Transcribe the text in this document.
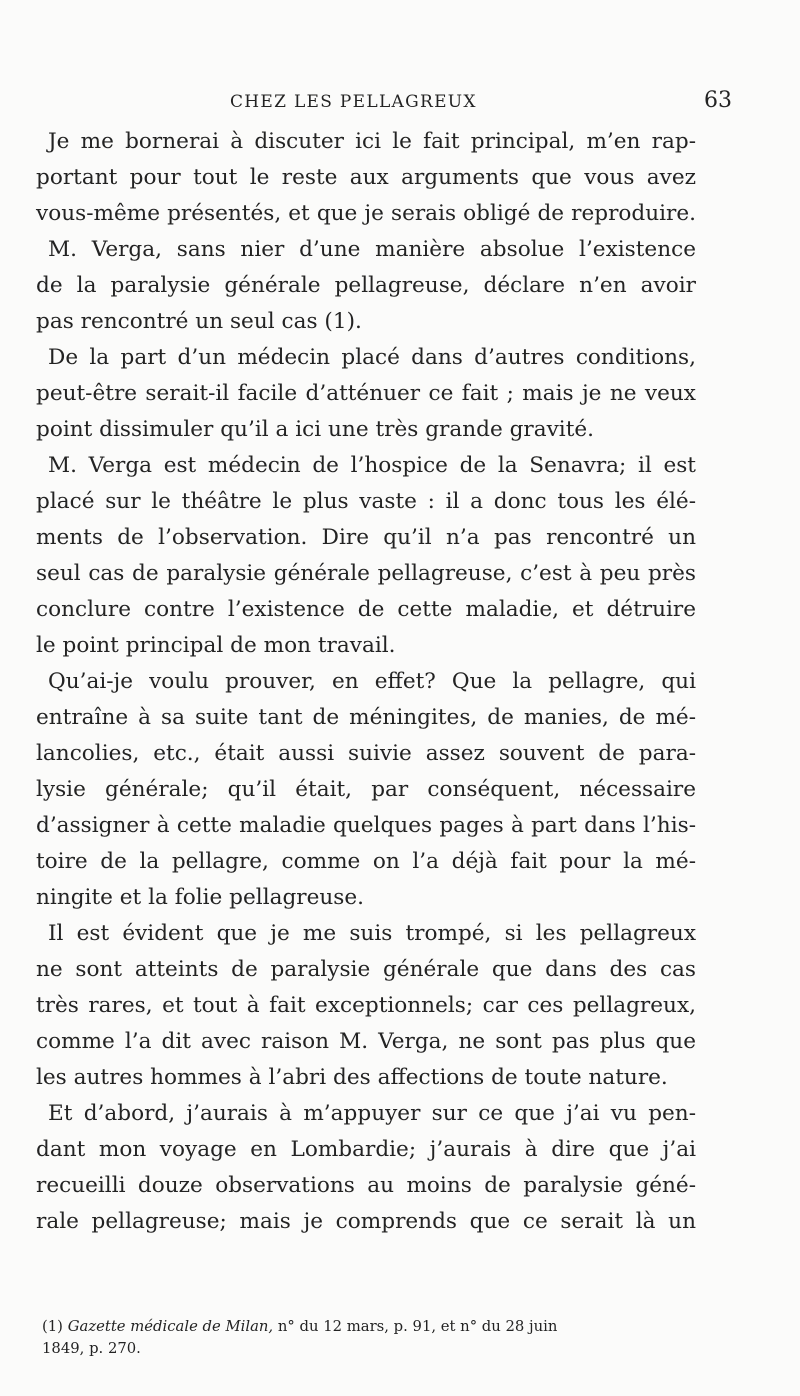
CHEZ LES PELLAGREUX	63
Je me bornerai à discuter ici le fait principal, m’en rap-
portant pour tout le reste aux arguments que vous avez
vous-même présentés, et que je serais obligé de reproduire.
M. Verga, sans nier d’une manière absolue l’existence
de la paralysie générale pellagreuse, déclare n’en avoir
pas rencontré un seul cas (1).
De la part d’un médecin placé dans d’autres conditions,
peut-être serait-il facile d’atténuer ce fait ; mais je ne veux
point dissimuler qu’il a ici une très grande gravité.
M. Verga est médecin de l’hospice de la Senavra; il est
placé sur le théâtre le plus vaste : il a donc tous les élé-
ments de l’observation. Dire qu’il n’a pas rencontré un
seul cas de paralysie générale pellagreuse, c’est à peu près
conclure contre l’existence de cette maladie, et détruire
le point principal de mon travail.
Qu’ai-je voulu prouver, en effet? Que la pellagre, qui
entraîne à sa suite tant de méningites, de manies, de mé-
lancolies, etc., était aussi suivie assez souvent de para-
lysie générale; qu’il était, par conséquent, nécessaire
d’assigner à cette maladie quelques pages à part dans l’his-
toire de la pellagre, comme on l’a déjà fait pour la mé-
ningite et la folie pellagreuse.
Il est évident que je me suis trompé, si les pellagreux
ne sont atteints de paralysie générale que dans des cas
très rares, et tout à fait exceptionnels; car ces pellagreux,
comme l’a dit avec raison M. Verga, ne sont pas plus que
les autres hommes à l’abri des affections de toute nature.
Et d’abord, j’aurais à m’appuyer sur ce que j’ai vu pen-
dant mon voyage en Lombardie; j’aurais à dire que j’ai
recueilli douze observations au moins de paralysie géné-
rale pellagreuse; mais je comprends que ce serait là un
(1) Gazette médicale de Milan, n° du 12 mars, p. 91, et n° du 28 juin
1849, p. 270.
